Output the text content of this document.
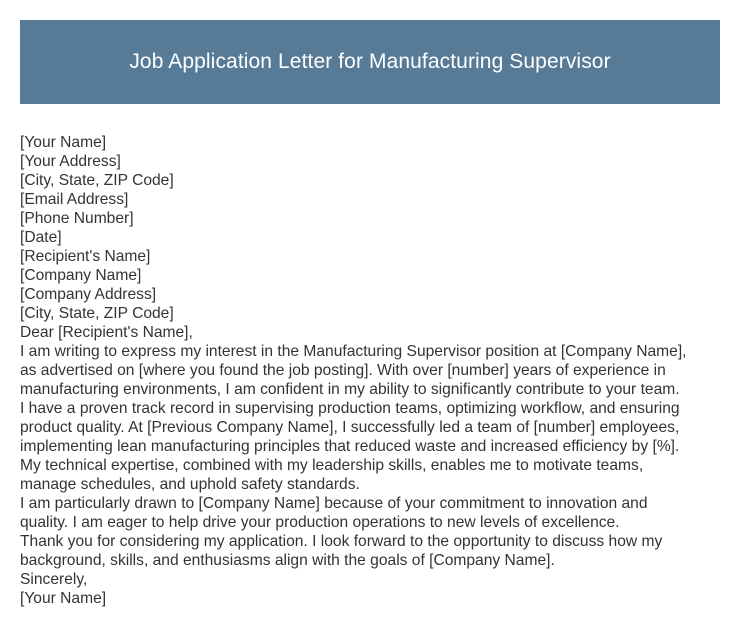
Job Application Letter for Manufacturing Supervisor
[Your Name]
[Your Address]
[City, State, ZIP Code]
[Email Address]
[Phone Number]
[Date]
[Recipient's Name]
[Company Name]
[Company Address]
[City, State, ZIP Code]
Dear [Recipient's Name],
I am writing to express my interest in the Manufacturing Supervisor position at [Company Name],
as advertised on [where you found the job posting]. With over [number] years of experience in
manufacturing environments, I am confident in my ability to significantly contribute to your team.
I have a proven track record in supervising production teams, optimizing workflow, and ensuring
product quality. At [Previous Company Name], I successfully led a team of [number] employees,
implementing lean manufacturing principles that reduced waste and increased efficiency by [%].
My technical expertise, combined with my leadership skills, enables me to motivate teams,
manage schedules, and uphold safety standards.
I am particularly drawn to [Company Name] because of your commitment to innovation and
quality. I am eager to help drive your production operations to new levels of excellence.
Thank you for considering my application. I look forward to the opportunity to discuss how my
background, skills, and enthusiasms align with the goals of [Company Name].
Sincerely,
[Your Name]
